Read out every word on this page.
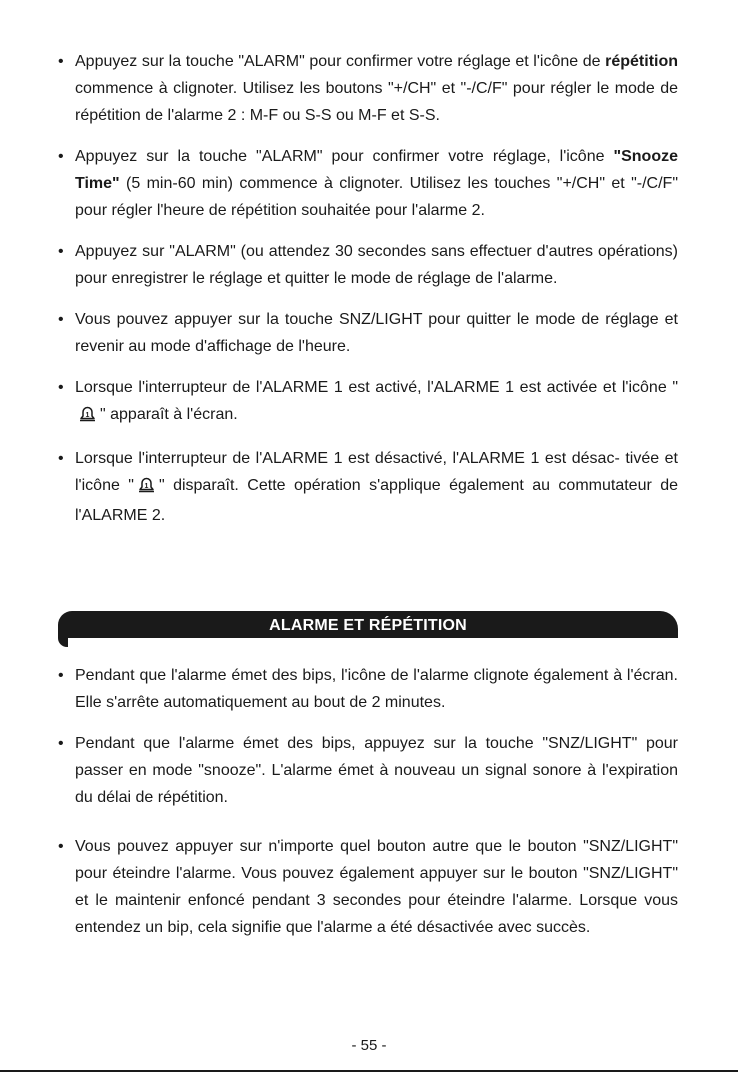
• Appuyez sur la touche "ALARM" pour confirmer votre réglage et l'icône de répétition commence à clignoter. Utilisez les boutons "+/CH" et "-/C/F" pour régler le mode de répétition de l'alarme 2 : M-F ou S-S ou M-F et S-S.

• Appuyez sur la touche "ALARM" pour confirmer votre réglage, l'icône "Snooze Time" (5 min-60 min) commence à clignoter. Utilisez les touches "+/CH" et "-/C/F" pour régler l'heure de répétition souhaitée pour l'alarme 2.

• Appuyez sur "ALARM" (ou attendez 30 secondes sans effectuer d'autres opérations) pour enregistrer le réglage et quitter le mode de réglage de l'alarme.

• Vous pouvez appuyer sur la touche SNZ/LIGHT pour quitter le mode de réglage et revenir au mode d'affichage de l'heure.

• Lorsque l'interrupteur de l'ALARME 1 est activé, l'ALARME 1 est activée et l'icône "
1 " apparaît à l'écran.

• Lorsque l'interrupteur de l'ALARME 1 est désactivé, l'ALARME 1 est désac- tivée et l'icône " 1 " disparaît. Cette opération s'applique également au commutateur de l'ALARME 2.

ALARME ET RÉPÉTITION

• Pendant que l'alarme émet des bips, l'icône de l'alarme clignote également à l'écran. Elle s'arrête automatiquement au bout de 2 minutes.

• Pendant que l'alarme émet des bips, appuyez sur la touche "SNZ/LIGHT" pour passer en mode "snooze". L'alarme émet à nouveau un signal sonore à l'expiration du délai de répétition.

• Vous pouvez appuyer sur n'importe quel bouton autre que le bouton "SNZ/LIGHT" pour éteindre l'alarme. Vous pouvez également appuyer sur le bouton "SNZ/LIGHT" et le maintenir enfoncé pendant 3 secondes pour éteindre l'alarme. Lorsque vous entendez un bip, cela signifie que l'alarme a été désactivée avec succès.

- 55 -
